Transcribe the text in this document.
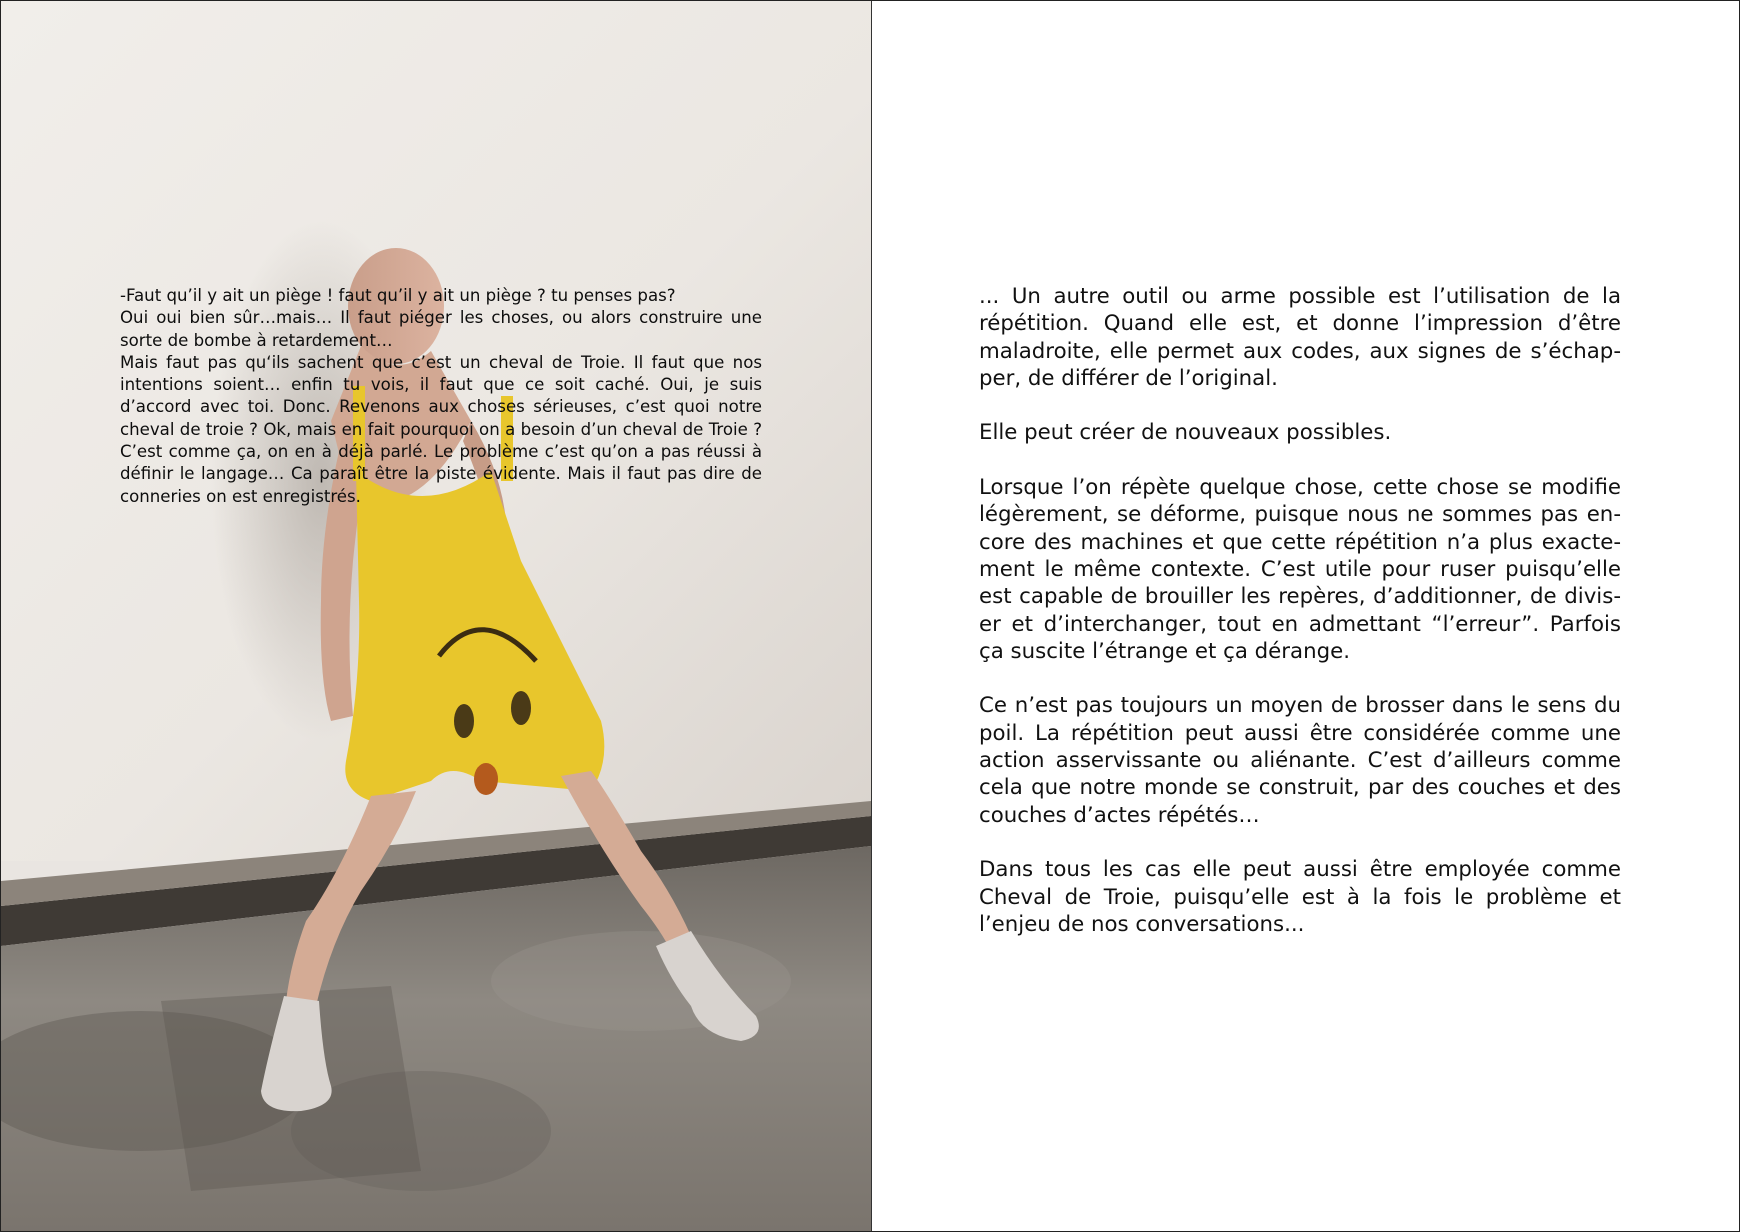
-Faut qu’il y ait un piège ! faut qu’il y ait un piège ? tu penses pas?

Oui oui bien sûr…mais… Il faut piéger les choses, ou alors construire une sorte de bombe à retardement…

Mais faut pas qu‘ils sachent que c’est un cheval de Troie. Il faut que nos intentions soient… enfin tu vois, il faut que ce soit caché. Oui, je suis d’accord avec toi. Donc. Revenons aux choses sérieuses, c’est quoi notre cheval de troie ? Ok, mais en fait pourquoi on a besoin d’un cheval de Troie ? C’est comme ça, on en à déjà parlé. Le problème c’est qu’on a pas réussi à définir le langage… Ca paraît être la piste évidente. Mais il faut pas dire de conneries on est enregistrés.

... Un autre outil ou arme possible est l’utilisation de la répétition. Quand elle est, et donne l’impression d’être maladroite, elle permet aux codes, aux signes de s’échapper, de différer de l’original.

Elle peut créer de nouveaux possibles.

Lorsque l’on répète quelque chose, cette chose se modifie légèrement, se déforme, puisque nous ne sommes pas encore des machines et que cette répétition n’a plus exactement le même contexte. C’est utile pour ruser puisqu’elle est capable de brouiller les repères, d’additionner, de diviser et d’interchanger, tout en admettant “l’erreur”. Parfois ça suscite l’étrange et ça dérange.

Ce n’est pas toujours un moyen de brosser dans le sens du poil. La répétition peut aussi être considérée comme une action asservissante ou aliénante. C’est d’ailleurs comme cela que notre monde se construit, par des couches et des couches d’actes répétés…

Dans tous les cas elle peut aussi être employée comme Cheval de Troie, puisqu’elle est à la fois le problème et l’enjeu de nos conversations...
